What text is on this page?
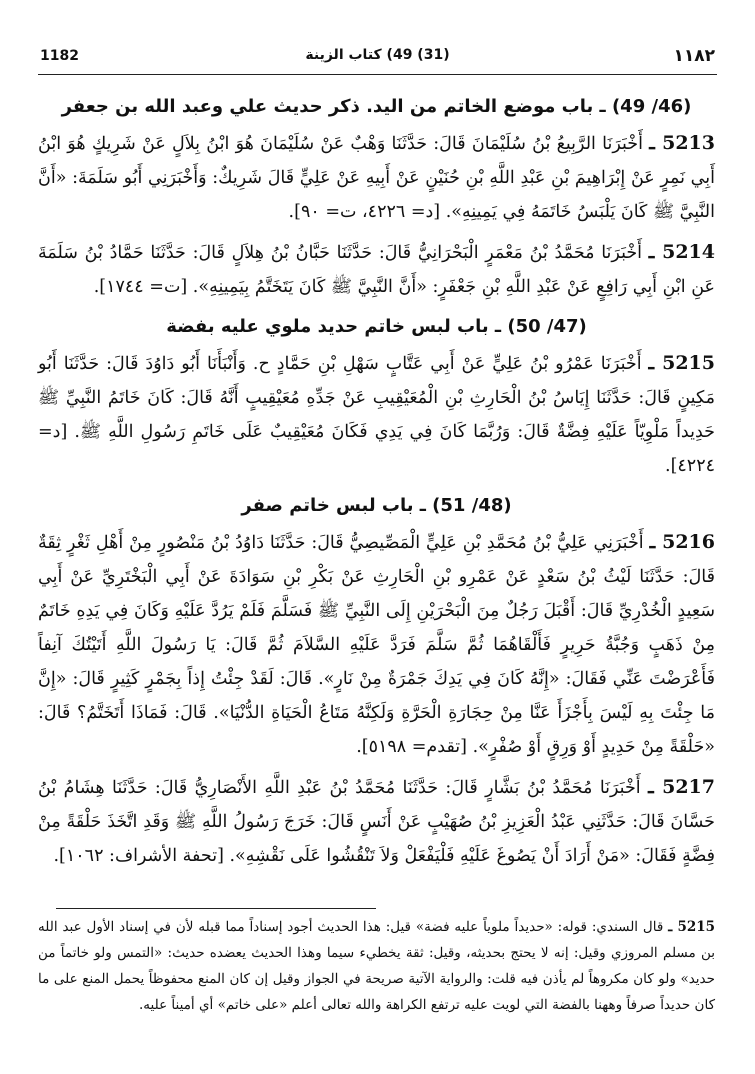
1182	(31) 49) كتاب الزينة	١١٨٢
(46/ 49) ـ باب موضع الخاتم من اليد. ذكر حديث علي وعبد الله بن جعفر

5213 ـ أَخْبَرَنَا الرَّبِيعُ بْنُ سُلَيْمَانَ قَالَ: حَدَّثَنَا وَهْبٌ عَنْ سُلَيْمَانَ هُوَ ابْنُ بِلاَلٍ عَنْ شَرِيكٍ هُوَ ابْنُ أَبِي نَمِرٍ عَنْ إِبْرَاهِيمَ بْنِ عَبْدِ اللَّهِ بْنِ حُنَيْنٍ عَنْ أَبِيهِ عَنْ عَلِيٍّ قَالَ شَرِيكٌ: وَأَخْبَرَنِي أَبُو سَلَمَةَ: «أَنَّ النَّبِيَّ ﷺ كَانَ يَلْبَسُ خَاتَمَهُ فِي يَمِينِهِ». [د= ٤٢٢٦، ت= ٩٠].

5214 ـ أَخْبَرَنَا مُحَمَّدُ بْنُ مَعْمَرٍ الْبَحْرَانِيُّ قَالَ: حَدَّثَنَا حَبَّانُ بْنُ هِلاَلٍ قَالَ: حَدَّثَنَا حَمَّادُ بْنُ سَلَمَةَ عَنِ ابْنِ أَبِي رَافِعٍ عَنْ عَبْدِ اللَّهِ بْنِ جَعْفَرٍ: «أَنَّ النَّبِيَّ ﷺ كَانَ يَتَخَتَّمُ بِيَمِينِهِ». [ت= ١٧٤٤].

(47/ 50) ـ باب لبس خاتم حديد ملوي عليه بفضة

5215 ـ أَخْبَرَنَا عَمْرُو بْنُ عَلِيٍّ عَنْ أَبِي عَتَّابٍ سَهْلِ بْنِ حَمَّادٍ ح. وَأَنْبَأَنَا أَبُو دَاوُدَ قَالَ: حَدَّثَنَا أَبُو مَكِينٍ قَالَ: حَدَّثَنَا إِيَاسُ بْنُ الْحَارِثِ بْنِ الْمُعَيْقِيبِ عَنْ جَدِّهِ مُعَيْقِيبٍ أَنَّهُ قَالَ: كَانَ خَاتَمُ النَّبِيِّ ﷺ حَدِيداً مَلْوِيّاً عَلَيْهِ فِضَّةٌ قَالَ: وَرُبَّمَا كَانَ فِي يَدِي فَكَانَ مُعَيْقِيبٌ عَلَى خَاتَمِ رَسُولِ اللَّهِ ﷺ. [د= ٤٢٢٤].

(48/ 51) ـ باب لبس خاتم صفر

5216 ـ أَخْبَرَنِي عَلِيُّ بْنُ مُحَمَّدِ بْنِ عَلِيٍّ الْمَصِّيصِيُّ قَالَ: حَدَّثَنَا دَاوُدُ بْنُ مَنْصُورٍ مِنْ أَهْلِ ثَغْرٍ ثِقَةٌ قَالَ: حَدَّثَنَا لَيْثُ بْنُ سَعْدٍ عَنْ عَمْرِو بْنِ الْحَارِثِ عَنْ بَكْرِ بْنِ سَوَادَةَ عَنْ أَبِي الْبَخْتَرِيِّ عَنْ أَبِي سَعِيدٍ الْخُدْرِيِّ قَالَ: أَقْبَلَ رَجُلٌ مِنَ الْبَحْرَيْنِ إِلَى النَّبِيِّ ﷺ فَسَلَّمَ فَلَمْ يَرُدَّ عَلَيْهِ وَكَانَ فِي يَدِهِ خَاتَمٌ مِنْ ذَهَبٍ وَجُبَّةُ حَرِيرٍ فَأَلْقَاهُمَا ثُمَّ سَلَّمَ فَرَدَّ عَلَيْهِ السَّلاَمَ ثُمَّ قَالَ: يَا رَسُولَ اللَّهِ أَتَيْتُكَ آنِفاً فَأَعْرَضْتَ عَنِّي فَقَالَ: «إِنَّهُ كَانَ فِي يَدِكَ جَمْرَةٌ مِنْ نَارٍ». قَالَ: لَقَدْ جِئْتُ إِذاً بِجَمْرٍ كَثِيرٍ قَالَ: «إِنَّ مَا جِئْتَ بِهِ لَيْسَ بِأَجْزَأَ عَنَّا مِنْ حِجَارَةِ الْحَرَّةِ وَلَكِنَّهُ مَتَاعُ الْحَيَاةِ الدُّنْيَا». قَالَ: فَمَاذَا أَتَخَتَّمُ؟ قَالَ: «حَلْقَةً مِنْ حَدِيدٍ أَوْ وَرِقٍ أَوْ صُفْرٍ». [تقدم= ٥١٩٨].

5217 ـ أَخْبَرَنَا مُحَمَّدُ بْنُ بَشَّارٍ قَالَ: حَدَّثَنَا مُحَمَّدُ بْنُ عَبْدِ اللَّهِ الأَنْصَارِيُّ قَالَ: حَدَّثَنَا هِشَامُ بْنُ حَسَّانَ قَالَ: حَدَّثَنِي عَبْدُ الْعَزِيزِ بْنُ صُهَيْبٍ عَنْ أَنَسٍ قَالَ: خَرَجَ رَسُولُ اللَّهِ ﷺ وَقَدِ اتَّخَذَ حَلْقَةً مِنْ فِضَّةٍ فَقَالَ: «مَنْ أَرَادَ أَنْ يَصُوغَ عَلَيْهِ فَلْيَفْعَلْ وَلاَ تَنْقُشُوا عَلَى نَقْشِهِ». [تحفة الأشراف: ١٠٦٢].

5215 ـ قال السندي: قوله: «حديداً ملوياً عليه فضة» قيل: هذا الحديث أجود إسناداً مما قبله لأن في إسناد الأول عبد الله بن مسلم المروزي وقيل: إنه لا يحتج بحديثه، وقيل: ثقة يخطيء سيما وهذا الحديث يعضده حديث: «التمس ولو خاتماً من حديد» ولو كان مكروهاً لم يأذن فيه قلت: والرواية الآتية صريحة في الجواز وقيل إن كان المنع محفوظاً يحمل المنع على ما كان حديداً صرفاً وههنا بالفضة التي لويت عليه ترتفع الكراهة والله تعالى أعلم «على خاتم» أي أميناً عليه.
